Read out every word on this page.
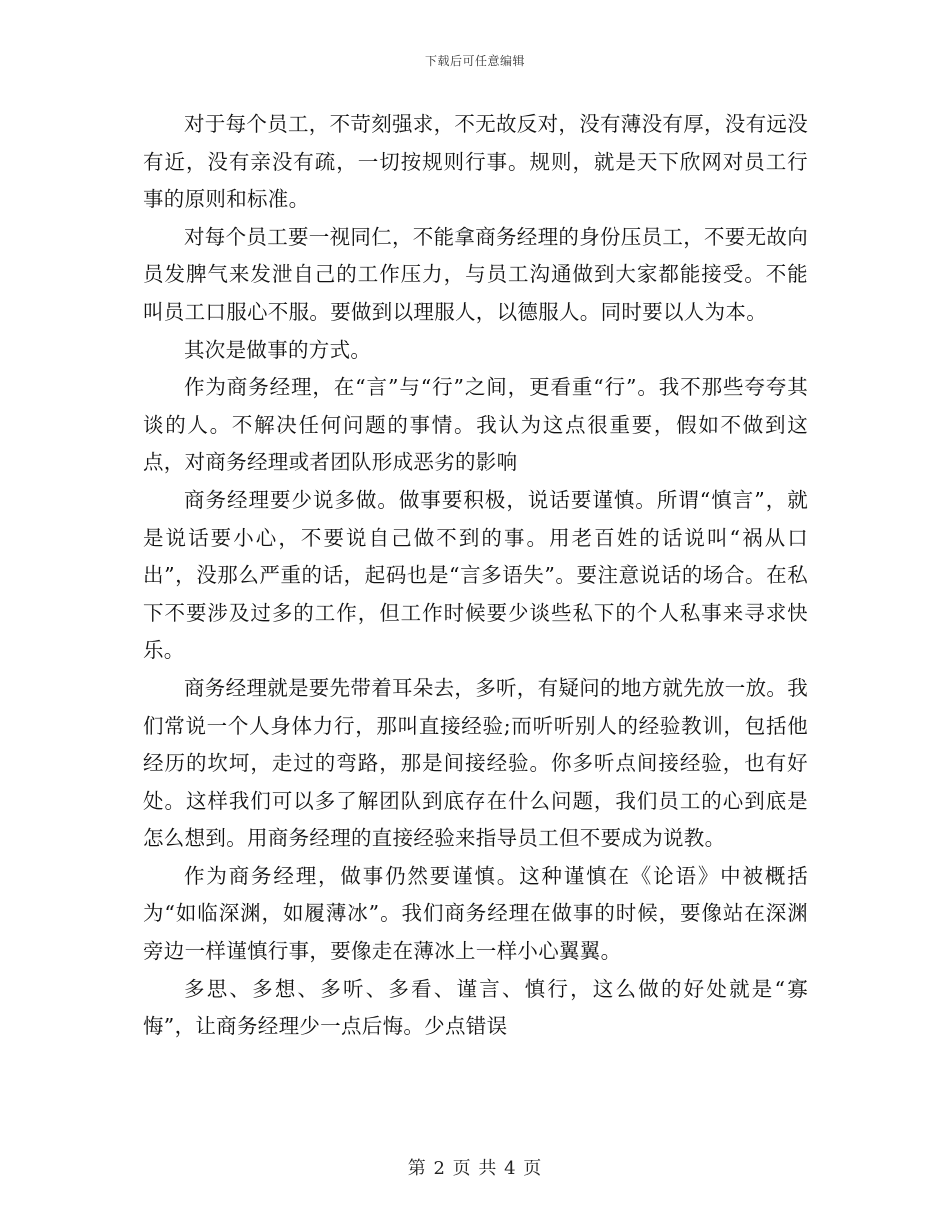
下载后可任意编辑

对于每个员工，不苛刻强求，不无故反对，没有薄没有厚，没有远没有近，没有亲没有疏，一切按规则行事。规则，就是天下欣网对员工行事的原则和标准。

对每个员工要一视同仁，不能拿商务经理的身份压员工，不要无故向员发脾气来发泄自己的工作压力，与员工沟通做到大家都能接受。不能叫员工口服心不服。要做到以理服人，以德服人。同时要以人为本。

其次是做事的方式。

作为商务经理，在“言”与“行”之间，更看重“行”。我不那些夸夸其谈的人。不解决任何问题的事情。我认为这点很重要，假如不做到这点，对商务经理或者团队形成恶劣的影响

商务经理要少说多做。做事要积极，说话要谨慎。所谓“慎言”，就是说话要小心，不要说自己做不到的事。用老百姓的话说叫“祸从口出”，没那么严重的话，起码也是“言多语失”。要注意说话的场合。在私下不要涉及过多的工作，但工作时候要少谈些私下的个人私事来寻求快乐。

商务经理就是要先带着耳朵去，多听，有疑问的地方就先放一放。我们常说一个人身体力行，那叫直接经验;而听听别人的经验教训，包括他经历的坎坷，走过的弯路，那是间接经验。你多听点间接经验，也有好处。这样我们可以多了解团队到底存在什么问题，我们员工的心到底是怎么想到。用商务经理的直接经验来指导员工但不要成为说教。

作为商务经理，做事仍然要谨慎。这种谨慎在《论语》中被概括为“如临深渊，如履薄冰”。我们商务经理在做事的时候，要像站在深渊旁边一样谨慎行事，要像走在薄冰上一样小心翼翼。

多思、多想、多听、多看、谨言、慎行，这么做的好处就是“寡悔”，让商务经理少一点后悔。少点错误

第 2 页 共 4 页
